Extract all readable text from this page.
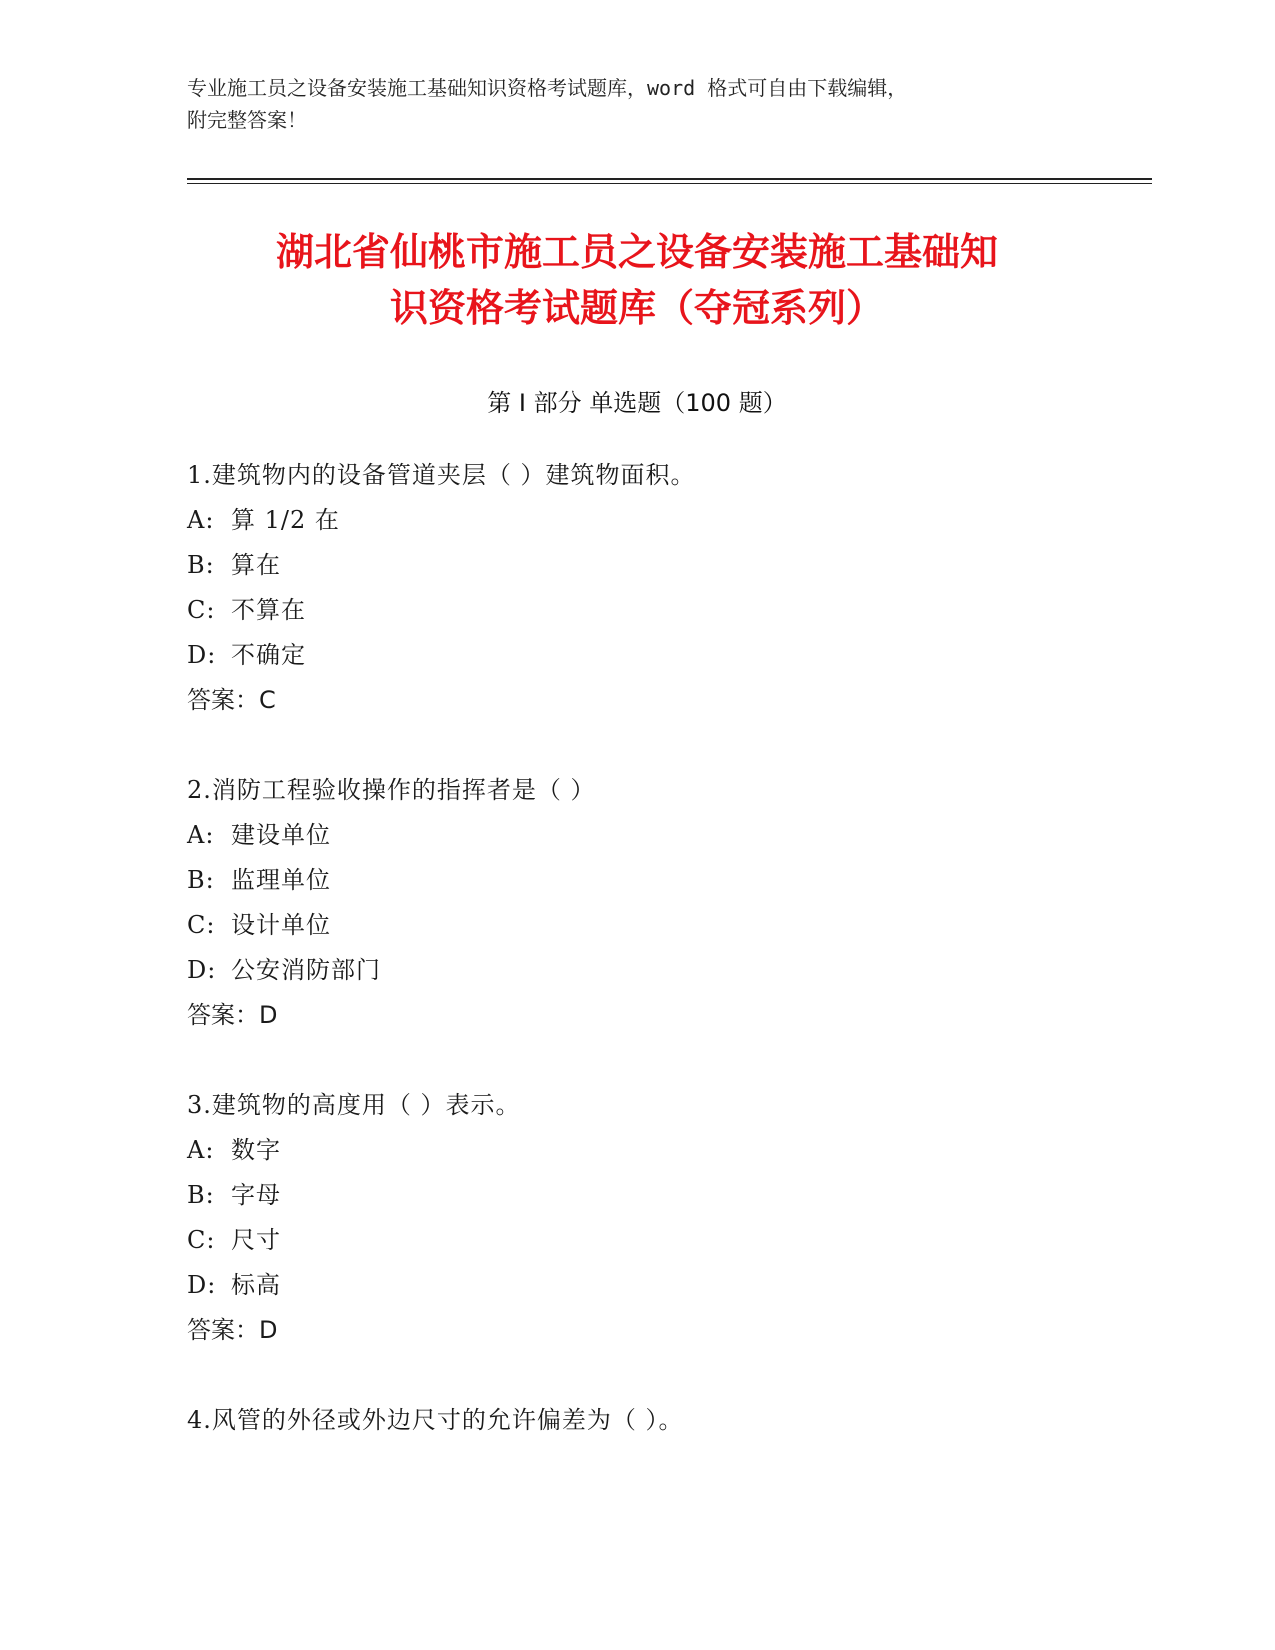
专业施工员之设备安装施工基础知识资格考试题库，word 格式可自由下载编辑，
附完整答案！
湖北省仙桃市施工员之设备安装施工基础知
识资格考试题库（夺冠系列）
第 I 部分 单选题（100 题）
1.建筑物内的设备管道夹层（ ）建筑物面积。
A: 算 1/2 在
B: 算在
C: 不算在
D: 不确定
答案：C
2.消防工程验收操作的指挥者是（ ）
A: 建设单位
B: 监理单位
C: 设计单位
D: 公安消防部门
答案：D
3.建筑物的高度用（ ）表示。
A: 数字
B: 字母
C: 尺寸
D: 标高
答案：D
4.风管的外径或外边尺寸的允许偏差为（ ）。
